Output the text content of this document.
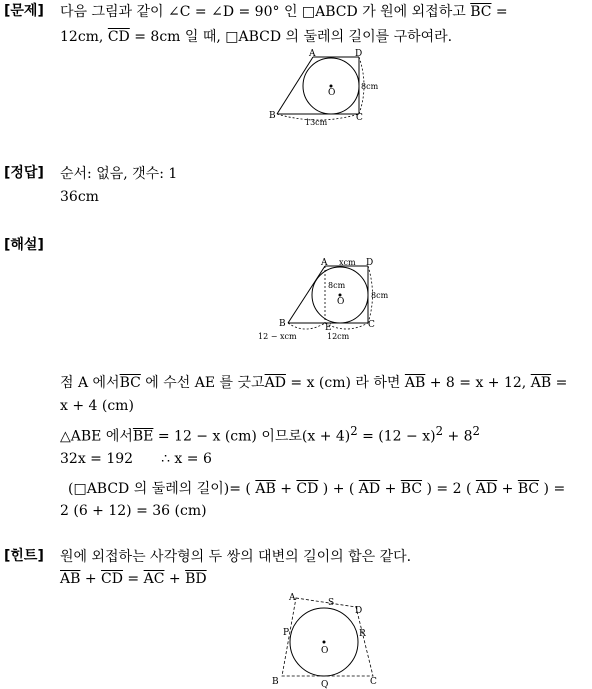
[문제] 다음 그림과 같이 ∠C = ∠D = 90° 인 □ABCD 가 원에 외접하고 $\overline{BC}$ =
12cm, $\overline{CD} = 8cm$ 일 때, □ABCD 의 둘레의 길이를 구하여라.
A	D
B	C
O
8cm
13cm
[정답] 순서: 없음, 갯수: 1
36cm
[해설]
A	D
B	C
E
O
xcm
8cm
8cm
12 − xcm	12cm
점 A 에서$\overline{BC}$ 에 수선 AE 를 긋고$\overline{AD} = x$ (cm) 라 하면 $\overline{AB} + 8 = x + 12$, $\overline{AB}$ =
x + 4 (cm)
△ABE 에서$\overline{BE} = 12 - x$ (cm) 이므로$(x + 4)^2 = (12 - x)^2 + 8^2$
32x = 192 ∴ x = 6
(□ABCD 의 둘레의 길이)= ( $\overline{AB} + \overline{CD}$ ) + ( $\overline{AD} + \overline{BC}$ ) = 2 ( $\overline{AD} + \overline{BC}$ ) =
2 (6 + 12) = 36 (cm)
[힌트] 원에 외접하는 사각형의 두 쌍의 대변의 길이의 합은 같다.
$\overline{AB} + \overline{CD} = \overline{AC} + \overline{BD}$
A	S
D
P	R
O
B	Q	C
